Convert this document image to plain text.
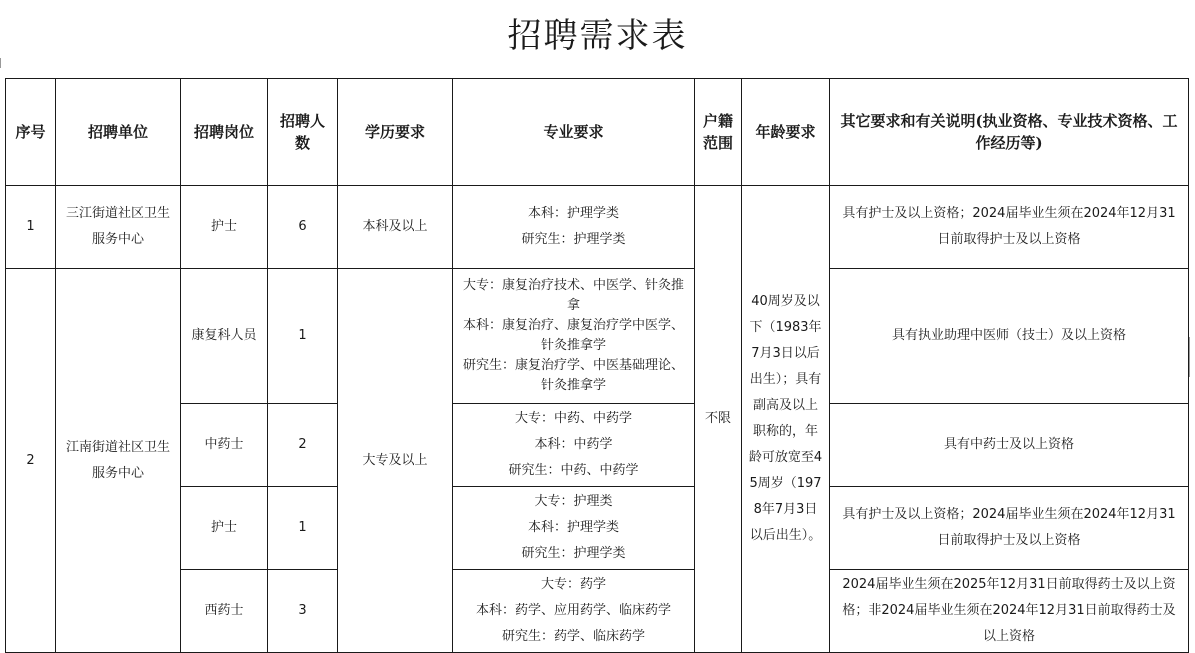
招聘需求表
序号	招聘单位	招聘岗位	招聘人数	学历要求	专业要求	户籍范围	年龄要求	其它要求和有关说明(执业资格、专业技术资格、工作经历等)
1	三江街道社区卫生服务中心	护士	6	本科及以上	本科：护理学类
研究生：护理学类	不限	40周岁及以下（1983年7月3日以后出生）；具有副高及以上职称的，年龄可放宽至45周岁（1978年7月3日以后出生）。	具有护士及以上资格；2024届毕业生须在2024年12月31日前取得护士及以上资格
2	江南街道社区卫生服务中心	康复科人员	1	大专及以上	大专：康复治疗技术、中医学、针灸推拿
本科：康复治疗、康复治疗学中医学、针灸推拿学
研究生：康复治疗学、中医基础理论、针灸推拿学			具有执业助理中医师（技士）及以上资格
		中药士	2		大专：中药、中药学
本科：中药学
研究生：中药、中药学			具有中药士及以上资格
		护士	1		大专：护理类
本科：护理学类
研究生：护理学类			具有护士及以上资格；2024届毕业生须在2024年12月31日前取得护士及以上资格
		西药士	3		大专：药学
本科：药学、应用药学、临床药学
研究生：药学、临床药学			2024届毕业生须在2025年12月31日前取得药士及以上资格；非2024届毕业生须在2024年12月31日前取得药士及以上资格
